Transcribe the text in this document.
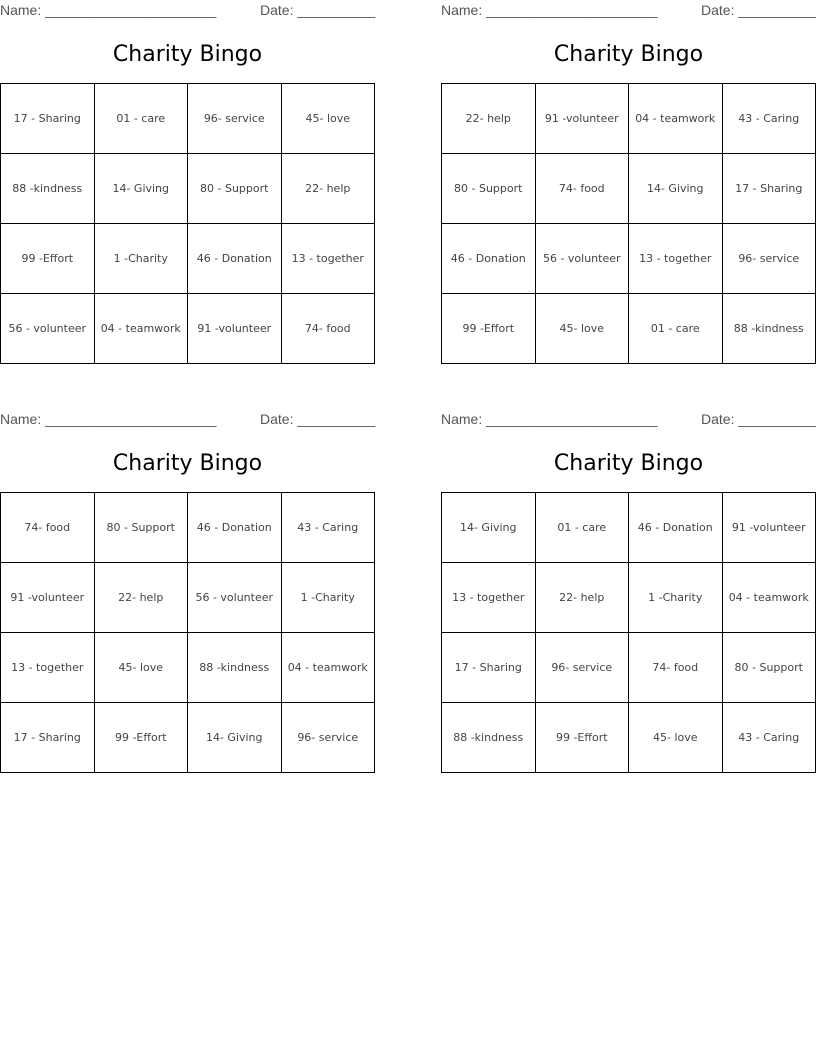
Name: ______________________	Date: __________
Charity Bingo
17 - Sharing	01 - care	96- service	45- love
88 -kindness	14- Giving	80 - Support	22- help
99 -Effort	1 -Charity	46 - Donation	13 - together
56 - volunteer	04 - teamwork	91 -volunteer	74- food
Name: ______________________	Date: __________
Charity Bingo
22- help	91 -volunteer	04 - teamwork	43 - Caring
80 - Support	74- food	14- Giving	17 - Sharing
46 - Donation	56 - volunteer	13 - together	96- service
99 -Effort	45- love	01 - care	88 -kindness
Name: ______________________	Date: __________
Charity Bingo
74- food	80 - Support	46 - Donation	43 - Caring
91 -volunteer	22- help	56 - volunteer	1 -Charity
13 - together	45- love	88 -kindness	04 - teamwork
17 - Sharing	99 -Effort	14- Giving	96- service
Name: ______________________	Date: __________
Charity Bingo
14- Giving	01 - care	46 - Donation	91 -volunteer
13 - together	22- help	1 -Charity	04 - teamwork
17 - Sharing	96- service	74- food	80 - Support
88 -kindness	99 -Effort	45- love	43 - Caring
